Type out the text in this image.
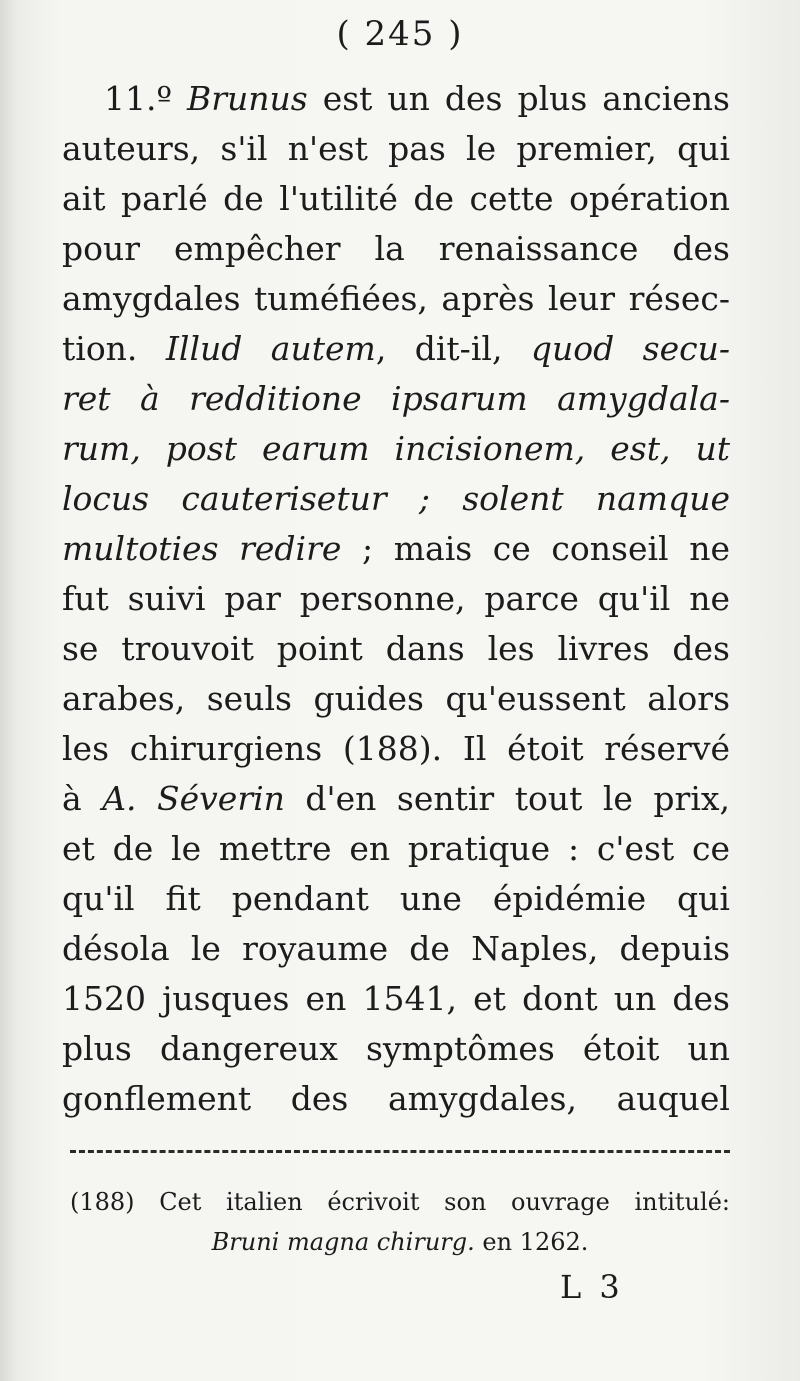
( 245 )
11.º Brunus est un des plus anciens
auteurs, s'il n'est pas le premier, qui
ait parlé de l'utilité de cette opération
pour empêcher la renaissance des
amygdales tuméfiées, après leur résec-
tion. Illud autem, dit-il, quod secu-
ret à redditione ipsarum amygdala-
rum, post earum incisionem, est, ut
locus cauterisetur ; solent namque
multoties redire ; mais ce conseil ne
fut suivi par personne, parce qu'il ne
se trouvoit point dans les livres des
arabes, seuls guides qu'eussent alors
les chirurgiens (188). Il étoit réservé
à A. Séverin d'en sentir tout le prix,
et de le mettre en pratique : c'est ce
qu'il fit pendant une épidémie qui
désola le royaume de Naples, depuis
1520 jusques en 1541, et dont un des
plus dangereux symptômes étoit un
gonflement des amygdales, auquel
(188) Cet italien écrivoit son ouvrage intitulé:
Bruni magna chirurg. en 1262.
L 3
